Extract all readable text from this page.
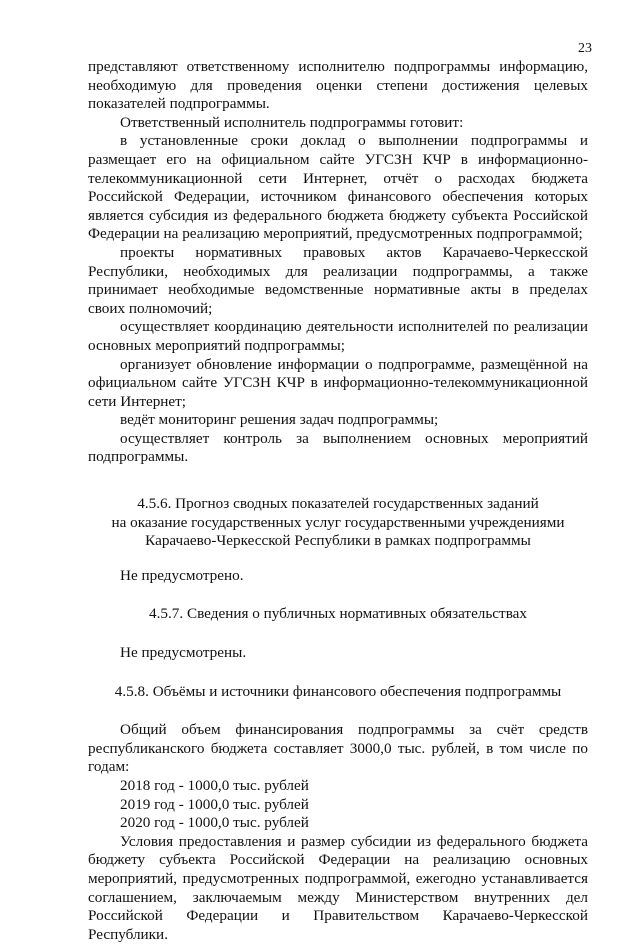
23

представляют ответственному исполнителю подпрограммы информацию, необходимую для проведения оценки степени достижения целевых показателей подпрограммы.

Ответственный исполнитель подпрограммы готовит:

в установленные сроки доклад о выполнении подпрограммы и размещает его на официальном сайте УГСЗН КЧР в информационно-телекоммуникационной сети Интернет, отчёт о расходах бюджета Российской Федерации, источником финансового обеспечения которых является субсидия из федерального бюджета бюджету субъекта Российской Федерации на реализацию мероприятий, предусмотренных подпрограммой;

проекты нормативных правовых актов Карачаево-Черкесской Республики, необходимых для реализации подпрограммы, а также принимает необходимые ведомственные нормативные акты в пределах своих полномочий;

осуществляет координацию деятельности исполнителей по реализации основных мероприятий подпрограммы;

организует обновление информации о подпрограмме, размещённой на официальном сайте УГСЗН КЧР в информационно-телекоммуникационной сети Интернет;

ведёт мониторинг решения задач подпрограммы;

осуществляет контроль за выполнением основных мероприятий подпрограммы.

4.5.6. Прогноз сводных показателей государственных заданий

на оказание государственных услуг государственными учреждениями

Карачаево-Черкесской Республики в рамках подпрограммы

Не предусмотрено.

4.5.7. Сведения о публичных нормативных обязательствах

Не предусмотрены.

4.5.8. Объёмы и источники финансового обеспечения подпрограммы

Общий объем финансирования подпрограммы за счёт средств республиканского бюджета составляет 3000,0 тыс. рублей, в том числе по годам:

2018 год - 1000,0 тыс. рублей

2019 год - 1000,0 тыс. рублей

2020 год - 1000,0 тыс. рублей

Условия предоставления и размер субсидии из федерального бюджета бюджету субъекта Российской Федерации на реализацию основных мероприятий, предусмотренных подпрограммой, ежегодно устанавливается соглашением, заключаемым между Министерством внутренних дел Российской Федерации и Правительством Карачаево-Черкесской Республики.
